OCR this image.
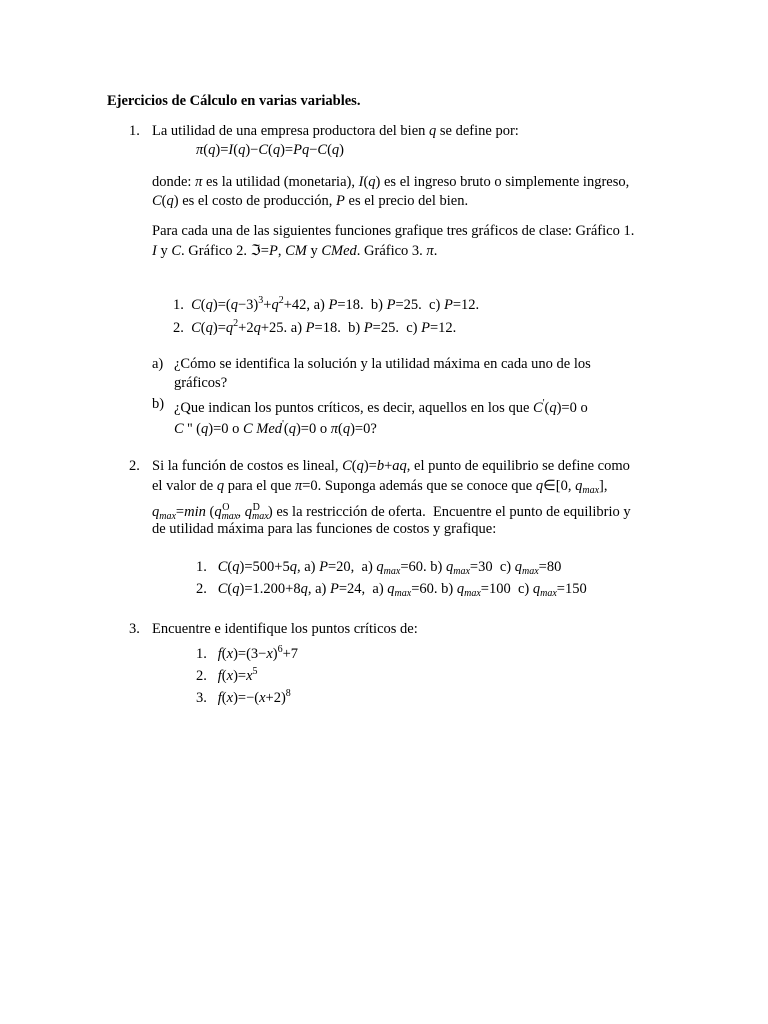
Ejercicios de Cálculo en varias variables.
1. La utilidad de una empresa productora del bien q se define por:
π(q)=I(q)−C(q)=Pq−C(q)
donde: π es la utilidad (monetaria), I(q) es el ingreso bruto o simplemente ingreso,
C(q) es el costo de producción, P es el precio del bien.
Para cada una de las siguientes funciones grafique tres gráficos de clase: Gráfico 1.
I y C. Gráfico 2. ℑ=P, CM y CMed. Gráfico 3. π.
1.  $C(q)=(q-3)^3+q^2+42$, a) P=18.  b) P=25.  c) P=12.
2.  $C(q)=q^2+2q+25$. a) P=18.  b) P=25.  c) P=12.
a) ¿Cómo se identifica la solución y la utilidad máxima en cada uno de los
gráficos?
b) ¿Que indican los puntos críticos, es decir, aquellos en los que C'(q)=0 o
C '' (q)=0 o C Med'(q)=0 o π(q)=0?
2. Si la función de costos es lineal, C(q)=b+aq, el punto de equilibrio se define como
el valor de q para el que π=0. Suponga además que se conoce que q∈[0, $q_{max}$],
$q_{max}=\min$ ($q_{max}^O$ , $q_{max}^D$ ) es la restricción de oferta.  Encuentre el punto de equilibrio y
de utilidad máxima para las funciones de costos y grafique:
1.   C(q)=500+5q, a) P=20,  a) $q_{max}=60$. b) $q_{max}=30$  c) $q_{max}=80$
2.   C(q)=1.200+8q, a) P=24,  a) $q_{max}=60$. b) $q_{max}=100$  c) $q_{max}=150$
3. Encuentre e identifique los puntos críticos de:
1.   $f(x)=(3-x)^6+7$
2.   $f(x)=x^5$
3.   $f(x)=-(x+2)^8$
